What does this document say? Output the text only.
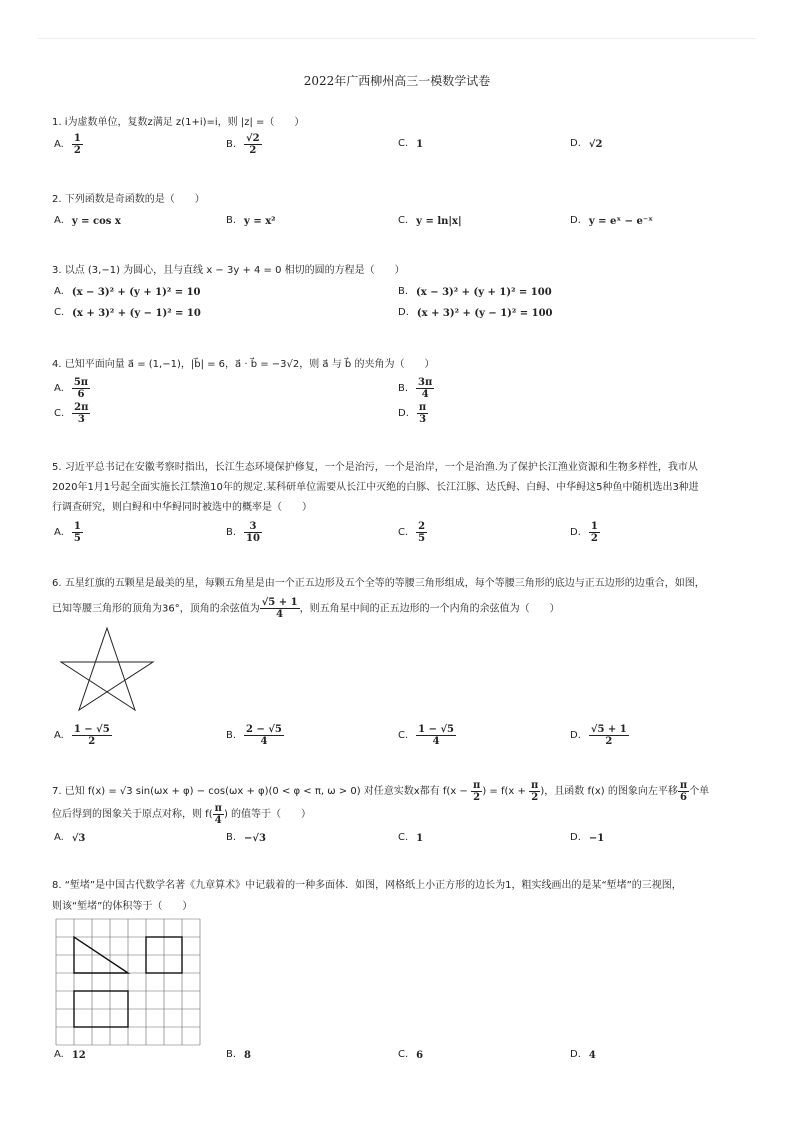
2022年广西柳州高三一模数学试卷
1. i为虚数单位，复数z满足 z(1+i)=i，则 |z| =（　　）
A. $\frac{1}{2}$	B. $\frac{√2}{2}$	C. 1	D. √2
2. 下列函数是奇函数的是（　　）
A. y = cos x	B. y = x²	C. y = ln|x|	D. y = eˣ − e⁻ˣ
3. 以点 (3,−1) 为圆心，且与直线 x − 3y + 4 = 0 相切的圆的方程是（　　）
A. (x − 3)² + (y + 1)² = 10	B. (x − 3)² + (y + 1)² = 100
C. (x + 3)² + (y − 1)² = 10	D. (x + 3)² + (y − 1)² = 100
4. 已知平面向量 a⃗ = (1,−1)，|b⃗| = 6，a⃗ · b⃗ = −3√2，则 a⃗ 与 b⃗ 的夹角为（　　）
A. $\frac{5\pi}{6}$	B. $\frac{3\pi}{4}$
C. $\frac{2\pi}{3}$	D. $\frac{\pi}{3}$
5. 习近平总书记在安徽考察时指出，长江生态环境保护修复，一个是治污，一个是治岸，一个是治渔.为了保护长江渔业资源和生物多样性，我市从
2020年1月1号起全面实施长江禁渔10年的规定.某科研单位需要从长江中灭绝的白豚、长江江豚、达氏鲟、白鲟、中华鲟这5种鱼中随机选出3种进
行调查研究，则白鲟和中华鲟同时被选中的概率是（　　）
A. $\frac{1}{5}$	B. $\frac{3}{10}$	C. $\frac{2}{5}$	D. $\frac{1}{2}$
6. 五星红旗的五颗星是最美的星，每颗五角星是由一个正五边形及五个全等的等腰三角形组成，每个等腰三角形的底边与正五边形的边重合，如图，
已知等腰三角形的顶角为36°，顶角的余弦值为 $\frac{√5 + 1}{4}$ ，则五角星中间的正五边形的一个内角的余弦值为（　　）
A. $\frac{1 - √5}{2}$	B. $\frac{2 - √5}{4}$	C. $\frac{1 - √5}{4}$	D. $\frac{√5 + 1}{2}$
7. 已知 f(x) = √3 sin(ωx + φ) − cos(ωx + φ)(0 < φ < π, ω > 0) 对任意实数x都有 $f(x - \frac{\pi}{2}$ ) = $f(x + \frac{\pi}{2}$ )，且函数 f(x) 的图象向左平移 $\frac{\pi}{6}$ 个单
位后得到的图象关于原点对称，则 $f( \frac{\pi}{4}$ ) 的值等于（　　）
A. √3	B. −√3	C. 1	D. −1
8. “堑堵”是中国古代数学名著《九章算术》中记载着的一种多面体．如图，网格纸上小正方形的边长为1，粗实线画出的是某“堑堵”的三视图，
则该“堑堵”的体积等于（　　）
A. 12	B. 8	C. 6	D. 4
